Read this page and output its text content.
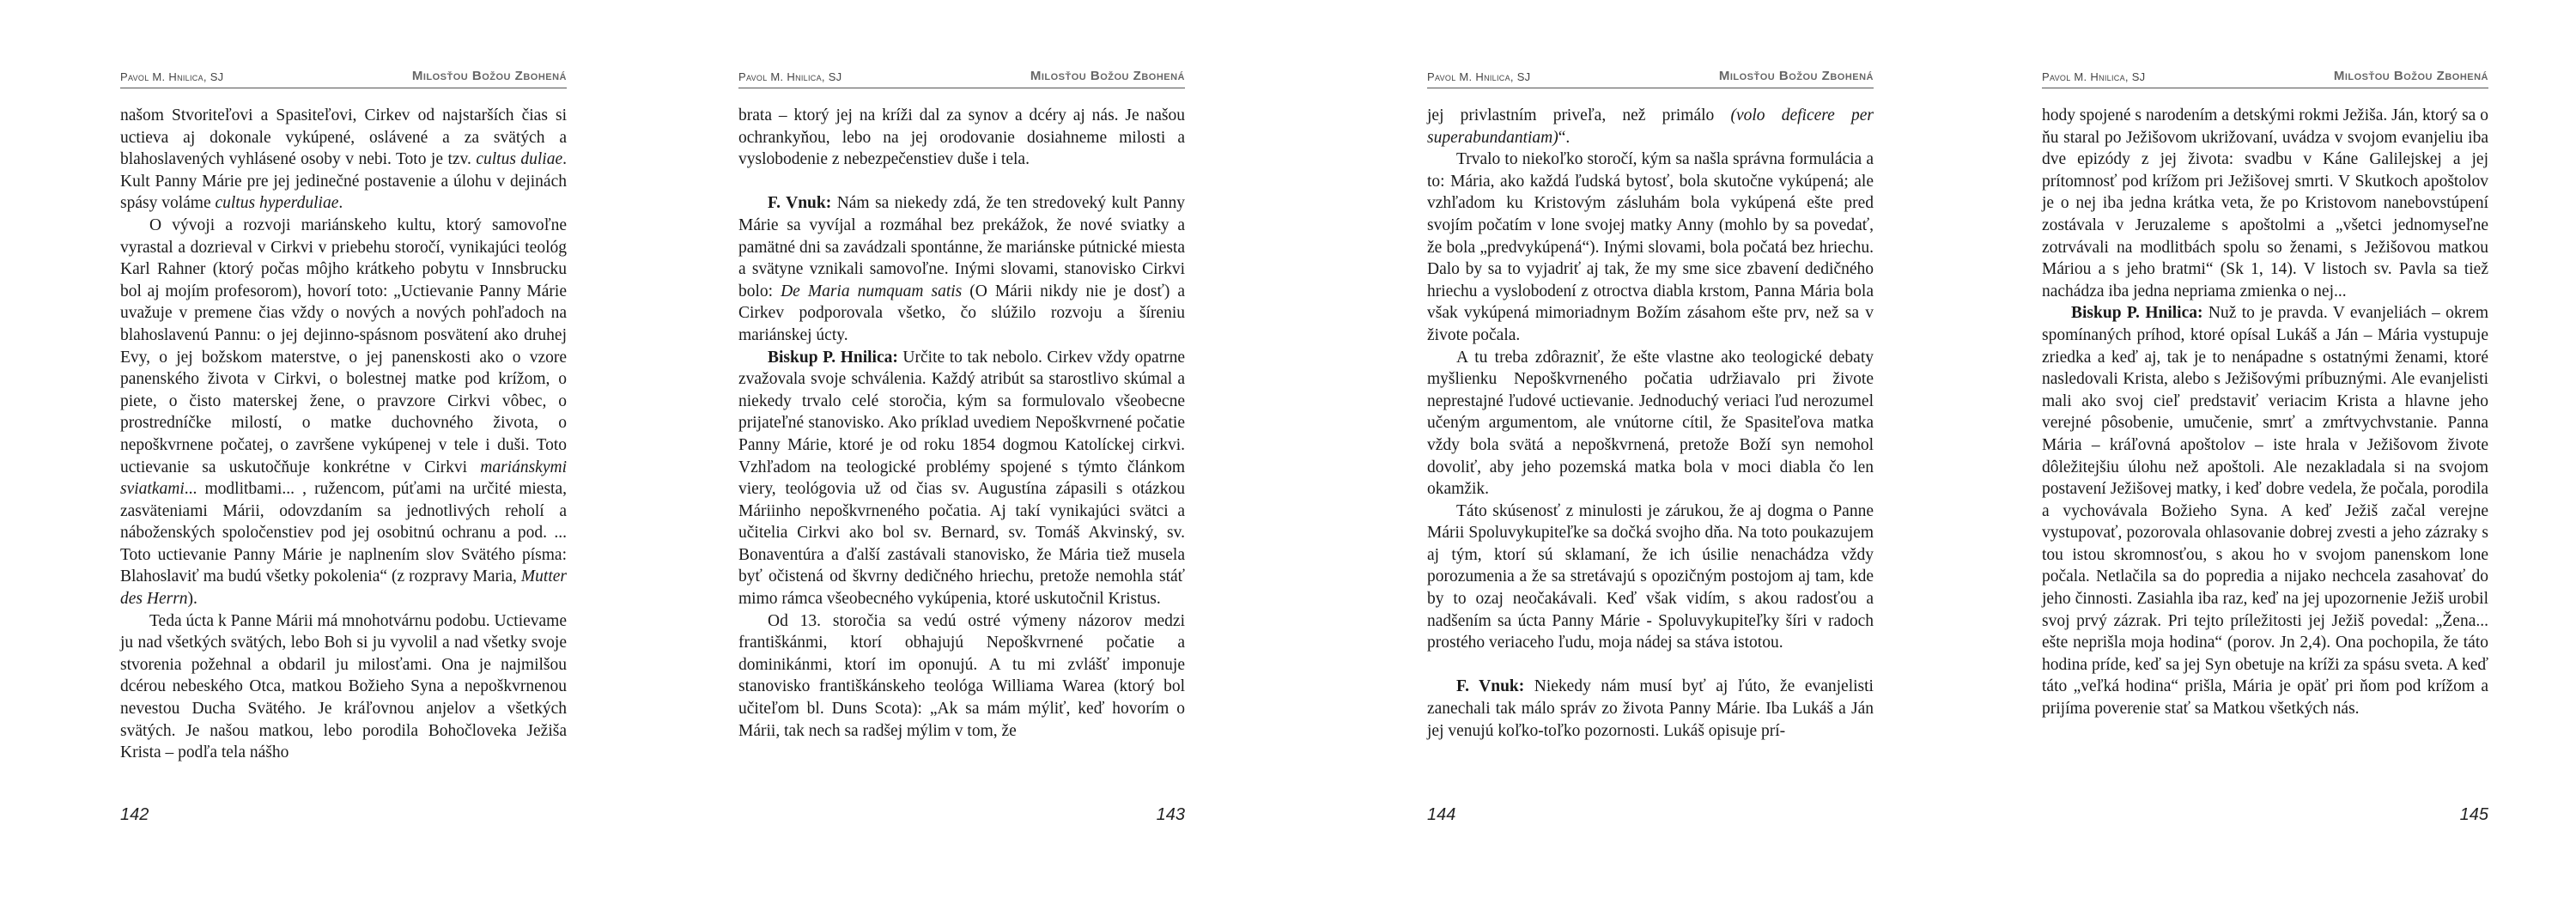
Pavol M. Hnilica, SJ	Milosťou Božou Zbohená

našom Stvoriteľovi a Spasiteľovi, Cirkev od najstarších čias si uctieva aj dokonale vykúpené, oslávené a za svätých a blahoslavených vyhlásené osoby v nebi. Toto je tzv. cultus duliae. Kult Panny Márie pre jej jedinečné postavenie a úlohu v dejinách spásy voláme cultus hyperduliae.

O vývoji a rozvoji mariánskeho kultu, ktorý samovoľne vyrastal a dozrieval v Cirkvi v priebehu storočí, vynikajúci teológ Karl Rahner (ktorý počas môjho krátkeho pobytu v Innsbrucku bol aj mojím profesorom), hovorí toto: „Uctievanie Panny Márie uvažuje v premene čias vždy o nových a nových pohľadoch na blahoslavenú Pannu: o jej dejinno-spásnom posvätení ako druhej Evy, o jej božskom materstve, o jej panenskosti ako o vzore panenského života v Cirkvi, o bolestnej matke pod krížom, o piete, o čisto materskej žene, o pravzore Cirkvi vôbec, o prostredníčke milostí, o matke duchovného života, o nepoškvrnene počatej, o završene vykúpenej v tele i duši. Toto uctievanie sa uskutočňuje konkrétne v Cirkvi mariánskymi sviatkami... modlitbami... , ružencom, púťami na určité miesta, zasväteniami Márii, odovzdaním sa jednotlivých reholí a náboženských spoločenstiev pod jej osobitnú ochranu a pod. ... Toto uctievanie Panny Márie je naplnením slov Svätého písma: Blahoslaviť ma budú všetky pokolenia“ (z rozpravy Maria, Mutter des Herrn).

Teda úcta k Panne Márii má mnohotvárnu podobu. Uctievame ju nad všetkých svätých, lebo Boh si ju vyvolil a nad všetky svoje stvorenia požehnal a obdaril ju milosťami. Ona je najmilšou dcérou nebeského Otca, matkou Božieho Syna a nepoškvrnenou nevestou Ducha Svätého. Je kráľovnou anjelov a všetkých svätých. Je našou matkou, lebo porodila Bohočloveka Ježiša Krista – podľa tela nášho

142
Pavol M. Hnilica, SJ	Milosťou Božou Zbohená

brata – ktorý jej na kríži dal za synov a dcéry aj nás. Je našou ochrankyňou, lebo na jej orodovanie dosiahneme milosti a vyslobodenie z nebezpečenstiev duše i tela.

F. Vnuk: Nám sa niekedy zdá, že ten stredoveký kult Panny Márie sa vyvíjal a rozmáhal bez prekážok, že nové sviatky a pamätné dni sa zavádzali spontánne, že mariánske pútnické miesta a svätyne vznikali samovoľne. Inými slovami, stanovisko Cirkvi bolo: De Maria numquam satis (O Márii nikdy nie je dosť) a Cirkev podporovala všetko, čo slúžilo rozvoju a šíreniu mariánskej úcty.

Biskup P. Hnilica: Určite to tak nebolo. Cirkev vždy opatrne zvažovala svoje schválenia. Každý atribút sa starostlivo skúmal a niekedy trvalo celé storočia, kým sa formulovalo všeobecne prijateľné stanovisko. Ako príklad uvediem Nepoškvrnené počatie Panny Márie, ktoré je od roku 1854 dogmou Katolíckej cirkvi. Vzhľadom na teologické problémy spojené s týmto článkom viery, teológovia už od čias sv. Augustína zápasili s otázkou Máriinho nepoškvrneného počatia. Aj takí vynikajúci svätci a učitelia Cirkvi ako bol sv. Bernard, sv. Tomáš Akvinský, sv. Bonaventúra a ďalší zastávali stanovisko, že Mária tiež musela byť očistená od škvrny dedičného hriechu, pretože nemohla stáť mimo rámca všeobecného vykúpenia, ktoré uskutočnil Kristus.

Od 13. storočia sa vedú ostré výmeny názorov medzi františkánmi, ktorí obhajujú Nepoškvrnené počatie a dominikánmi, ktorí im oponujú. A tu mi zvlášť imponuje stanovisko františkánskeho teológa Williama Warea (ktorý bol učiteľom bl. Duns Scota): „Ak sa mám mýliť, keď hovorím o Márii, tak nech sa radšej mýlim v tom, že

143
Pavol M. Hnilica, SJ	Milosťou Božou Zbohená

jej privlastním priveľa, než primálo (volo deficere per superabundantiam)“.

Trvalo to niekoľko storočí, kým sa našla správna formulácia a to: Mária, ako každá ľudská bytosť, bola skutočne vykúpená; ale vzhľadom ku Kristovým zásluhám bola vykúpená ešte pred svojím počatím v lone svojej matky Anny (mohlo by sa povedať, že bola „predvykúpená“). Inými slovami, bola počatá bez hriechu. Dalo by sa to vyjadriť aj tak, že my sme sice zbavení dedičného hriechu a vyslobodení z otroctva diabla krstom, Panna Mária bola však vykúpená mimoriadnym Božím zásahom ešte prv, než sa v živote počala.

A tu treba zdôrazniť, že ešte vlastne ako teologické debaty myšlienku Nepoškvrneného počatia udržiavalo pri živote neprestajné ľudové uctievanie. Jednoduchý veriaci ľud nerozumel učeným argumentom, ale vnútorne cítil, že Spasiteľova matka vždy bola svätá a nepoškvrnená, pretože Boží syn nemohol dovoliť, aby jeho pozemská matka bola v moci diabla čo len okamžik.

Táto skúsenosť z minulosti je zárukou, že aj dogma o Panne Márii Spoluvykupiteľke sa dočká svojho dňa. Na toto poukazujem aj tým, ktorí sú sklamaní, že ich úsilie nenachádza vždy porozumenia a že sa stretávajú s opozičným postojom aj tam, kde by to ozaj neočakávali. Keď však vidím, s akou radosťou a nadšením sa úcta Panny Márie - Spoluvykupiteľky šíri v radoch prostého veriaceho ľudu, moja nádej sa stáva istotou.

F. Vnuk: Niekedy nám musí byť aj ľúto, že evanjelisti zanechali tak málo správ zo života Panny Márie. Iba Lukáš a Ján jej venujú koľko-toľko pozornosti. Lukáš opisuje prí-

144
Pavol M. Hnilica, SJ	Milosťou Božou Zbohená

hody spojené s narodením a detskými rokmi Ježiša. Ján, ktorý sa o ňu staral po Ježišovom ukrižovaní, uvádza v svojom evanjeliu iba dve epizódy z jej života: svadbu v Káne Galilejskej a jej prítomnosť pod krížom pri Ježišovej smrti. V Skutkoch apoštolov je o nej iba jedna krátka veta, že po Kristovom nanebovstúpení zostávala v Jeruzaleme s apoštolmi a „všetci jednomyseľne zotrvávali na modlitbách spolu so ženami, s Ježišovou matkou Máriou a s jeho bratmi“ (Sk 1, 14). V listoch sv. Pavla sa tiež nachádza iba jedna nepriama zmienka o nej...

Biskup P. Hnilica: Nuž to je pravda. V evanjeliách – okrem spomínaných príhod, ktoré opísal Lukáš a Ján – Mária vystupuje zriedka a keď aj, tak je to nenápadne s ostatnými ženami, ktoré nasledovali Krista, alebo s Ježišovými príbuznými. Ale evanjelisti mali ako svoj cieľ predstaviť veriacim Krista a hlavne jeho verejné pôsobenie, umučenie, smrť a zmŕtvychvstanie. Panna Mária – kráľovná apoštolov – iste hrala v Ježišovom živote dôležitejšiu úlohu než apoštoli. Ale nezakladala si na svojom postavení Ježišovej matky, i keď dobre vedela, že počala, porodila a vychovávala Božieho Syna. A keď Ježiš začal verejne vystupovať, pozorovala ohlasovanie dobrej zvesti a jeho zázraky s tou istou skromnosťou, s akou ho v svojom panenskom lone počala. Netlačila sa do popredia a nijako nechcela zasahovať do jeho činnosti. Zasiahla iba raz, keď na jej upozornenie Ježiš urobil svoj prvý zázrak. Pri tejto príležitosti jej Ježiš povedal: „Žena... ešte neprišla moja hodina“ (porov. Jn 2,4). Ona pochopila, že táto hodina príde, keď sa jej Syn obetuje na kríži za spásu sveta. A keď táto „veľká hodina“ prišla, Mária je opäť pri ňom pod krížom a prijíma poverenie stať sa Matkou všetkých nás.

145
